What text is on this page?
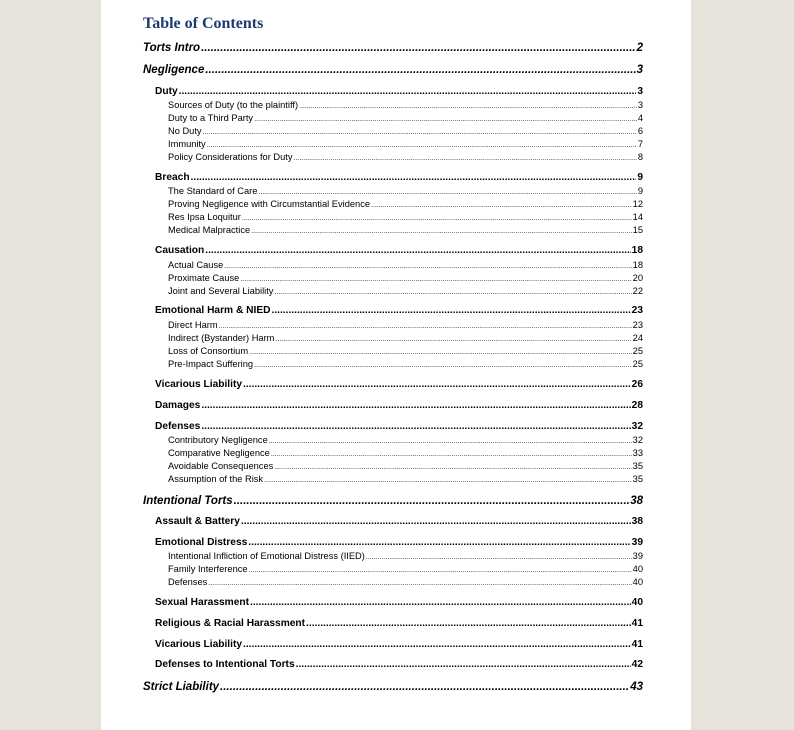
Table of Contents
Torts Intro .....	2
Negligence .....	3
Duty .....	3
Sources of Duty (to the plaintiff) .....	3
Duty to a Third Party .....	4
No Duty .....	6
Immunity .....	7
Policy Considerations for Duty .....	8
Breach .....	9
The Standard of Care .....	9
Proving Negligence with Circumstantial Evidence .....	12
Res Ipsa Loquitur .....	14
Medical Malpractice .....	15
Causation .....	18
Actual Cause .....	18
Proximate Cause .....	20
Joint and Several Liability .....	22
Emotional Harm & NIED .....	23
Direct Harm .....	23
Indirect (Bystander) Harm .....	24
Loss of Consortium .....	25
Pre-Impact Suffering .....	25
Vicarious Liability .....	26
Damages .....	28
Defenses .....	32
Contributory Negligence .....	32
Comparative Negligence .....	33
Avoidable Consequences .....	35
Assumption of the Risk .....	35
Intentional Torts .....	38
Assault & Battery .....	38
Emotional Distress .....	39
Intentional Infliction of Emotional Distress (IIED) .....	39
Family Interference .....	40
Defenses .....	40
Sexual Harassment .....	40
Religious & Racial Harassment .....	41
Vicarious Liability .....	41
Defenses to Intentional Torts .....	42
Strict Liability .....	43
